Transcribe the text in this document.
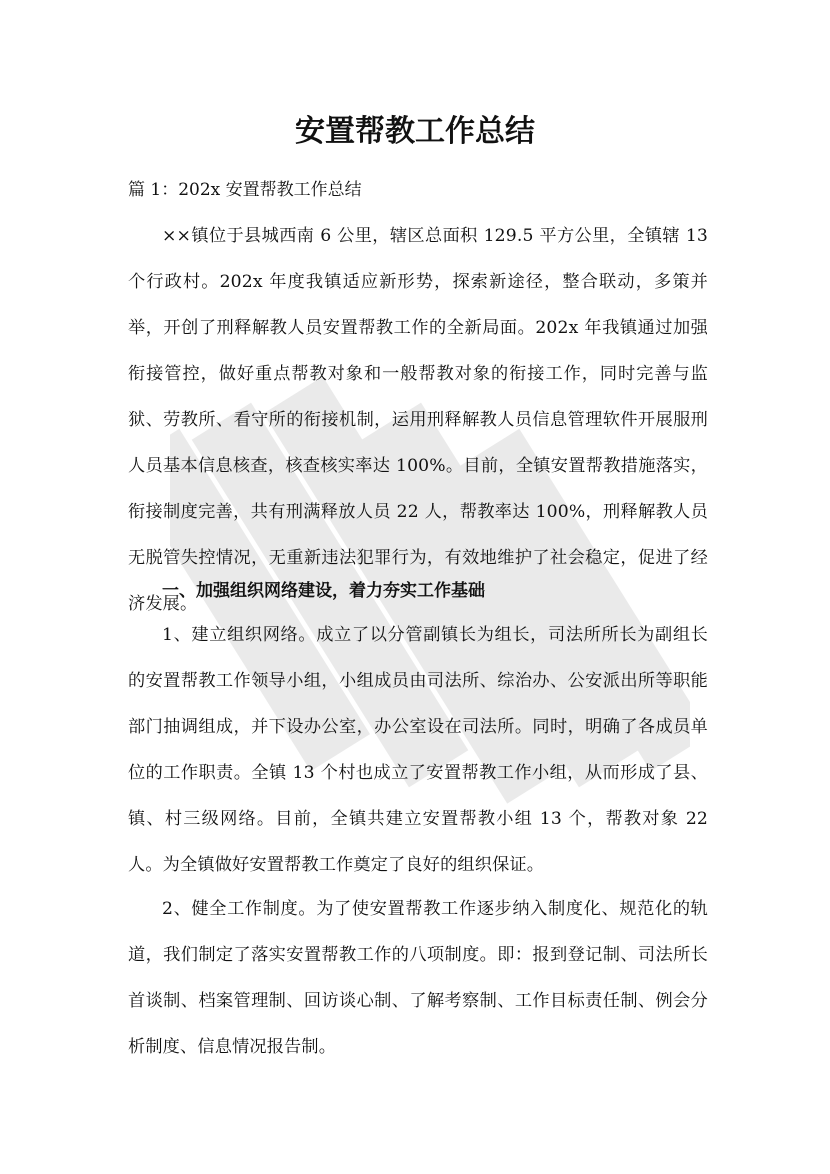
安置帮教工作总结

篇 1：202x 安置帮教工作总结

××镇位于县城西南 6 公里，辖区总面积 129.5 平方公里，全镇辖 13 个行政村。202x 年度我镇适应新形势，探索新途径，整合联动，多策并举，开创了刑释解教人员安置帮教工作的全新局面。202x 年我镇通过加强衔接管控，做好重点帮教对象和一般帮教对象的衔接工作，同时完善与监狱、劳教所、看守所的衔接机制，运用刑释解教人员信息管理软件开展服刑人员基本信息核查，核查核实率达 100%。目前，全镇安置帮教措施落实，衔接制度完善，共有刑满释放人员 22 人，帮教率达 100%，刑释解教人员无脱管失控情况，无重新违法犯罪行为，有效地维护了社会稳定，促进了经济发展。

一、加强组织网络建设，着力夯实工作基础

1、建立组织网络。成立了以分管副镇长为组长，司法所所长为副组长的安置帮教工作领导小组，小组成员由司法所、综治办、公安派出所等职能部门抽调组成，并下设办公室，办公室设在司法所。同时，明确了各成员单位的工作职责。全镇 13 个村也成立了安置帮教工作小组，从而形成了县、镇、村三级网络。目前，全镇共建立安置帮教小组 13 个，帮教对象 22 人。为全镇做好安置帮教工作奠定了良好的组织保证。

2、健全工作制度。为了使安置帮教工作逐步纳入制度化、规范化的轨道，我们制定了落实安置帮教工作的八项制度。即：报到登记制、司法所长首谈制、档案管理制、回访谈心制、了解考察制、工作目标责任制、例会分析制度、信息情况报告制。
